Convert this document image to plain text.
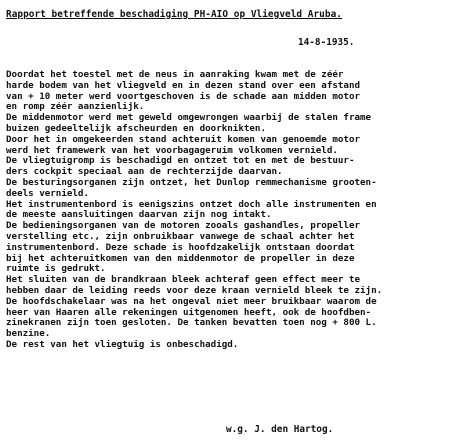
Rapport betreffende beschadiging PH-AIO op Vliegveld Aruba.
14-8-1935.
Doordat het toestel met de neus in aanraking kwam met de zéér
harde bodem van het vliegveld en in dezen stand over een afstand
van + 10 meter werd voortgeschoven is de schade aan midden motor
en romp zéér aanzienlijk.
De middenmotor werd met geweld omgewrongen waarbij de stalen frame
buizen gedeeltelijk afscheurden en doorknikten.
Door het in omgekeerden stand achteruit komen van genoemde motor
werd het framewerk van het voorbagageruim volkomen vernield.
De vliegtuigromp is beschadigd en ontzet tot en met de bestuur-
ders cockpit speciaal aan de rechterzijde daarvan.
De besturingsorganen zijn ontzet, het Dunlop remmechanisme grooten-
deels vernield.
Het instrumentenbord is eenigszins ontzet doch alle instrumenten en
de meeste aansluitingen daarvan zijn nog intakt.
De bedieningsorganen van de motoren zooals gashandles, propeller
verstelling etc., zijn onbruikbaar vanwege de schaal achter het
instrumentenbord. Deze schade is hoofdzakelijk ontstaan doordat
bij het achteruitkomen van den middenmotor de propeller in deze
ruimte is gedrukt.
Het sluiten van de brandkraan bleek achteraf geen effect meer te
hebben daar de leiding reeds voor deze kraan vernield bleek te zijn.
De hoofdschakelaar was na het ongeval niet meer bruikbaar waarom de
heer van Haaren alle rekeningen uitgenomen heeft, ook de hoofdben-
zinekranen zijn toen gesloten. De tanken bevatten toen nog + 800 L.
benzine.
De rest van het vliegtuig is onbeschadigd.
w.g. J. den Hartog.
